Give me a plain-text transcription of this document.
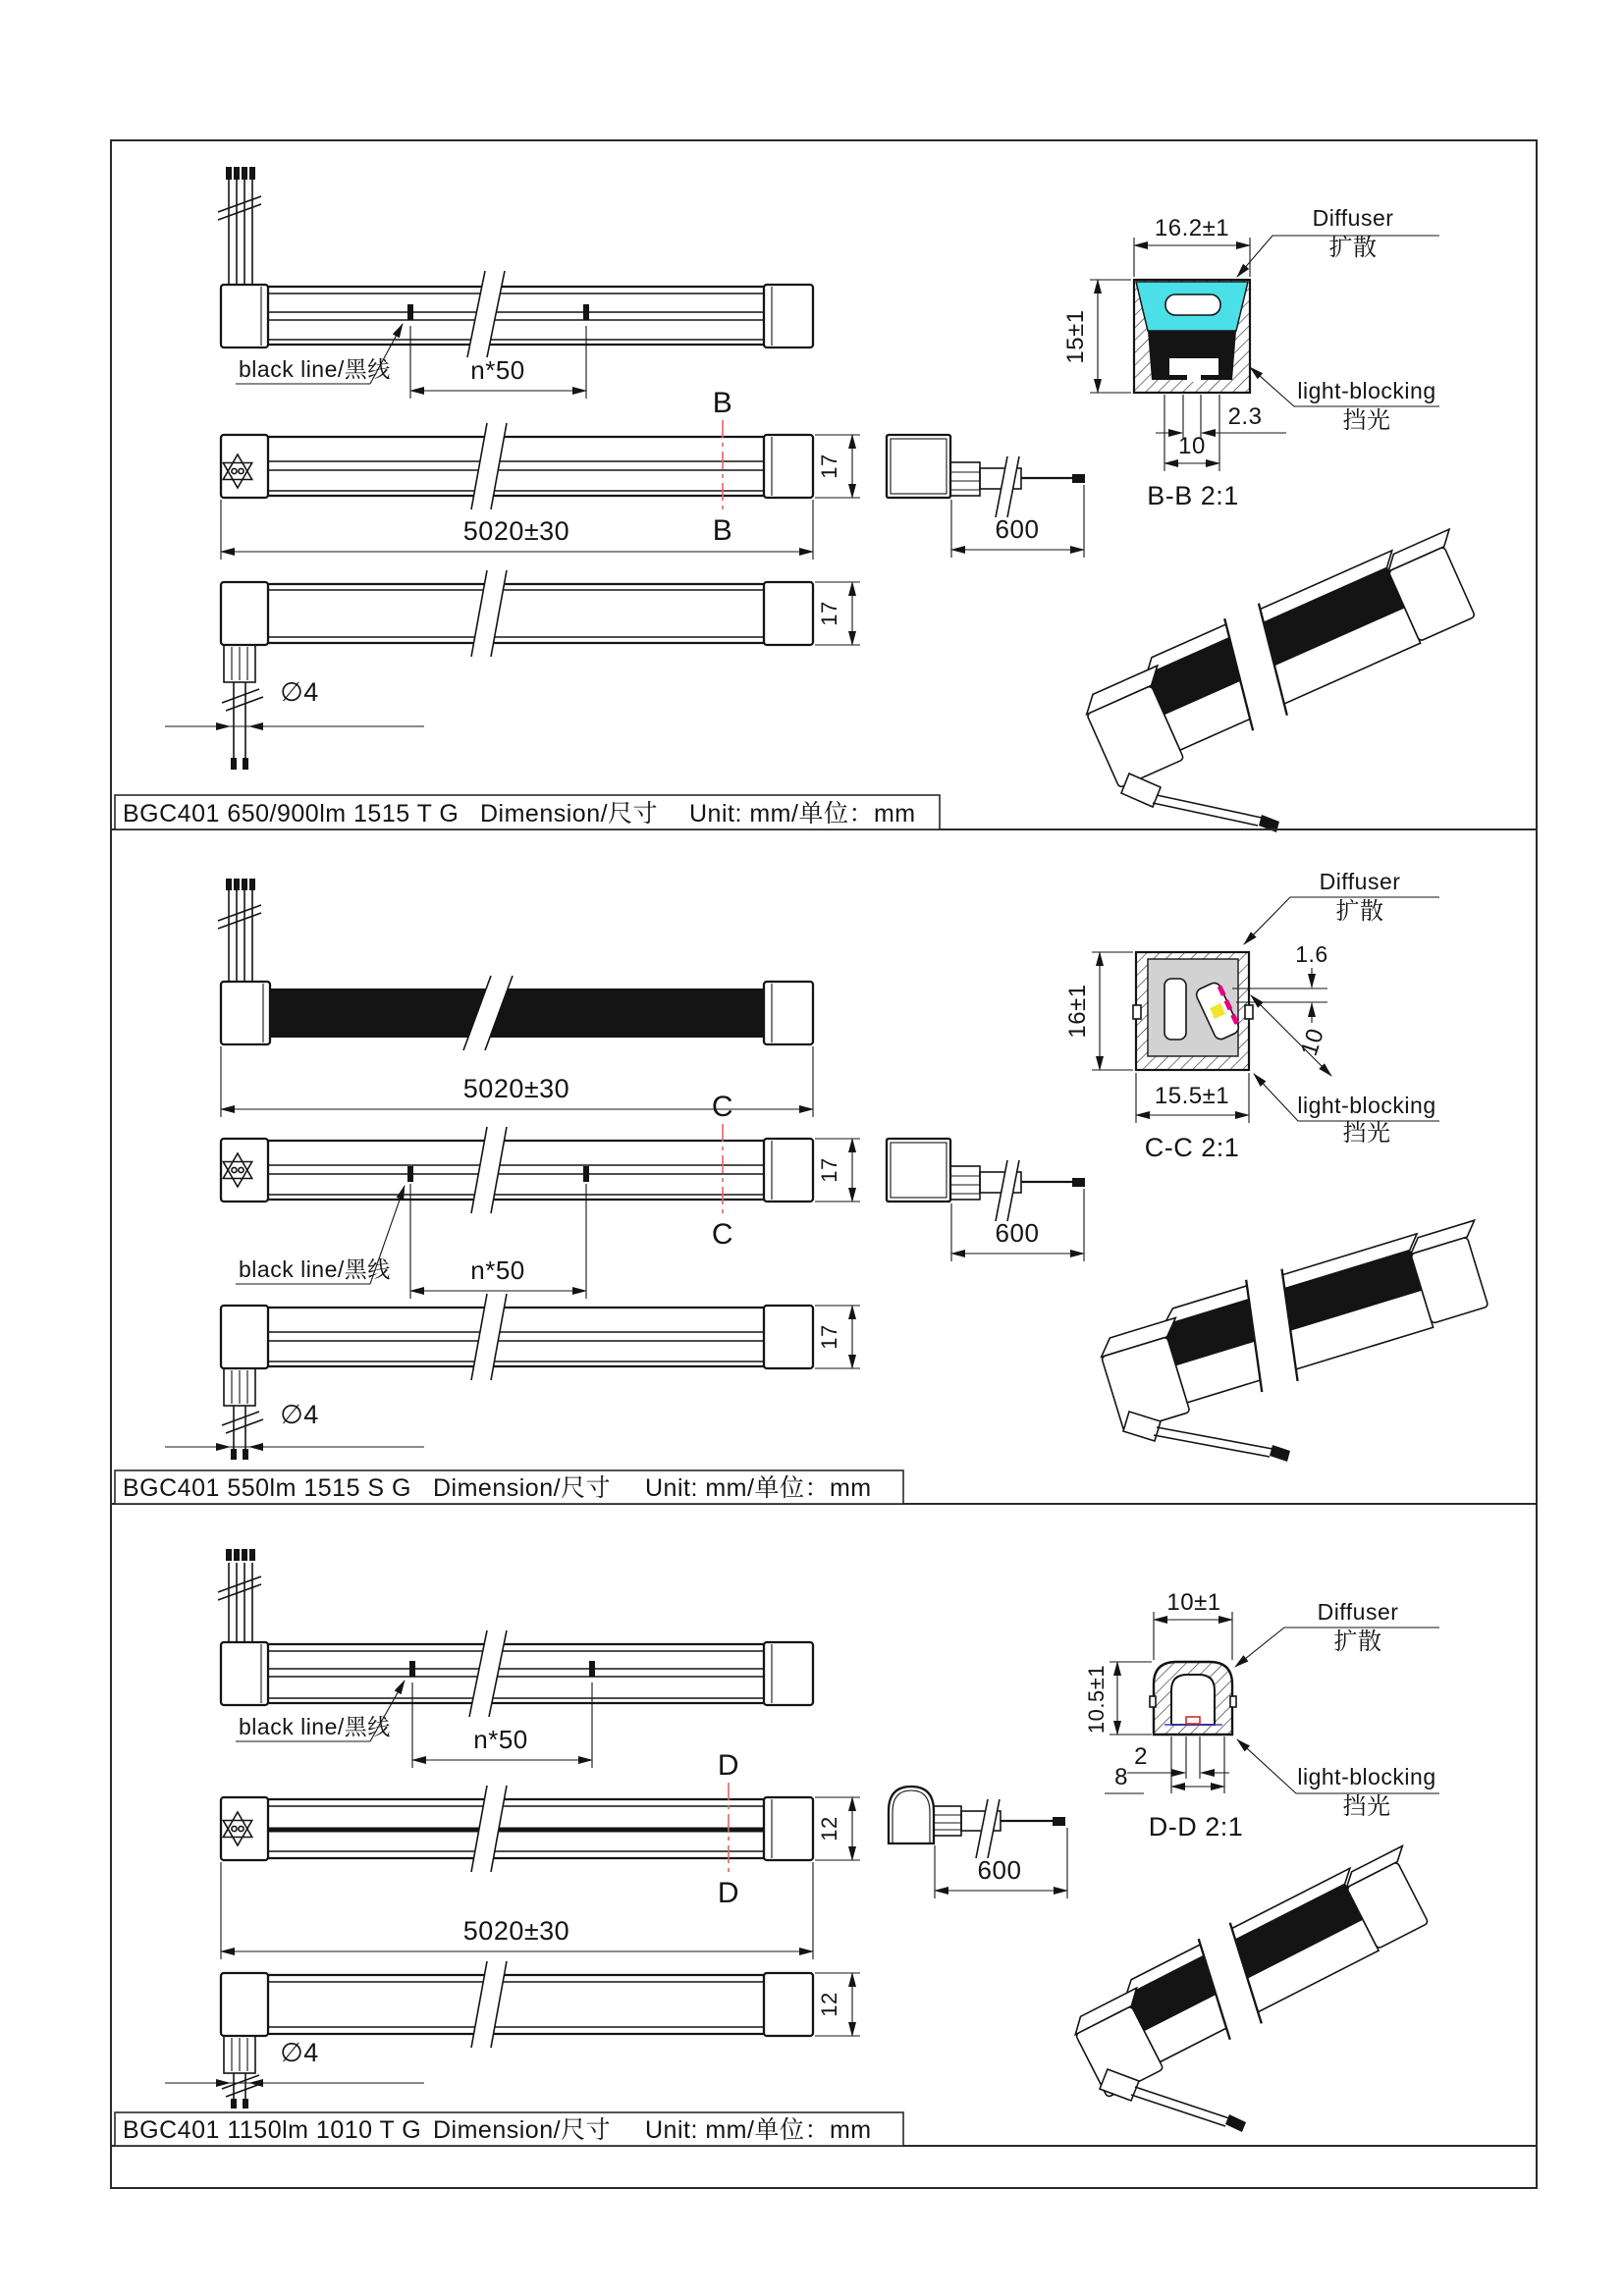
black line/黑线	n*50
B
B
17
5020±30	600
17
∅4
16.2±1
15±1
2.3
10
B-B 2:1
Diffuser
扩散
light-blocking
挡光
BGC401 650/900lm 1515 T G Dimension/尺寸 Unit: mm/单位：mm
5020±30
C
C
17
black line/黑线	n*50
600
17
∅4
16±1
15.5±1
1.6
10
C-C 2:1
Diffuser
扩散
light-blocking
挡光
BGC401 550lm 1515 S G Dimension/尺寸 Unit: mm/单位：mm
black line/黑线	n*50
D
D
12
5020±30
600
12
∅4
10±1
10.5±1
2
8
D-D 2:1
Diffuser
扩散
light-blocking
挡光
BGC401 1150lm 1010 T G Dimension/尺寸 Unit: mm/单位：mm
